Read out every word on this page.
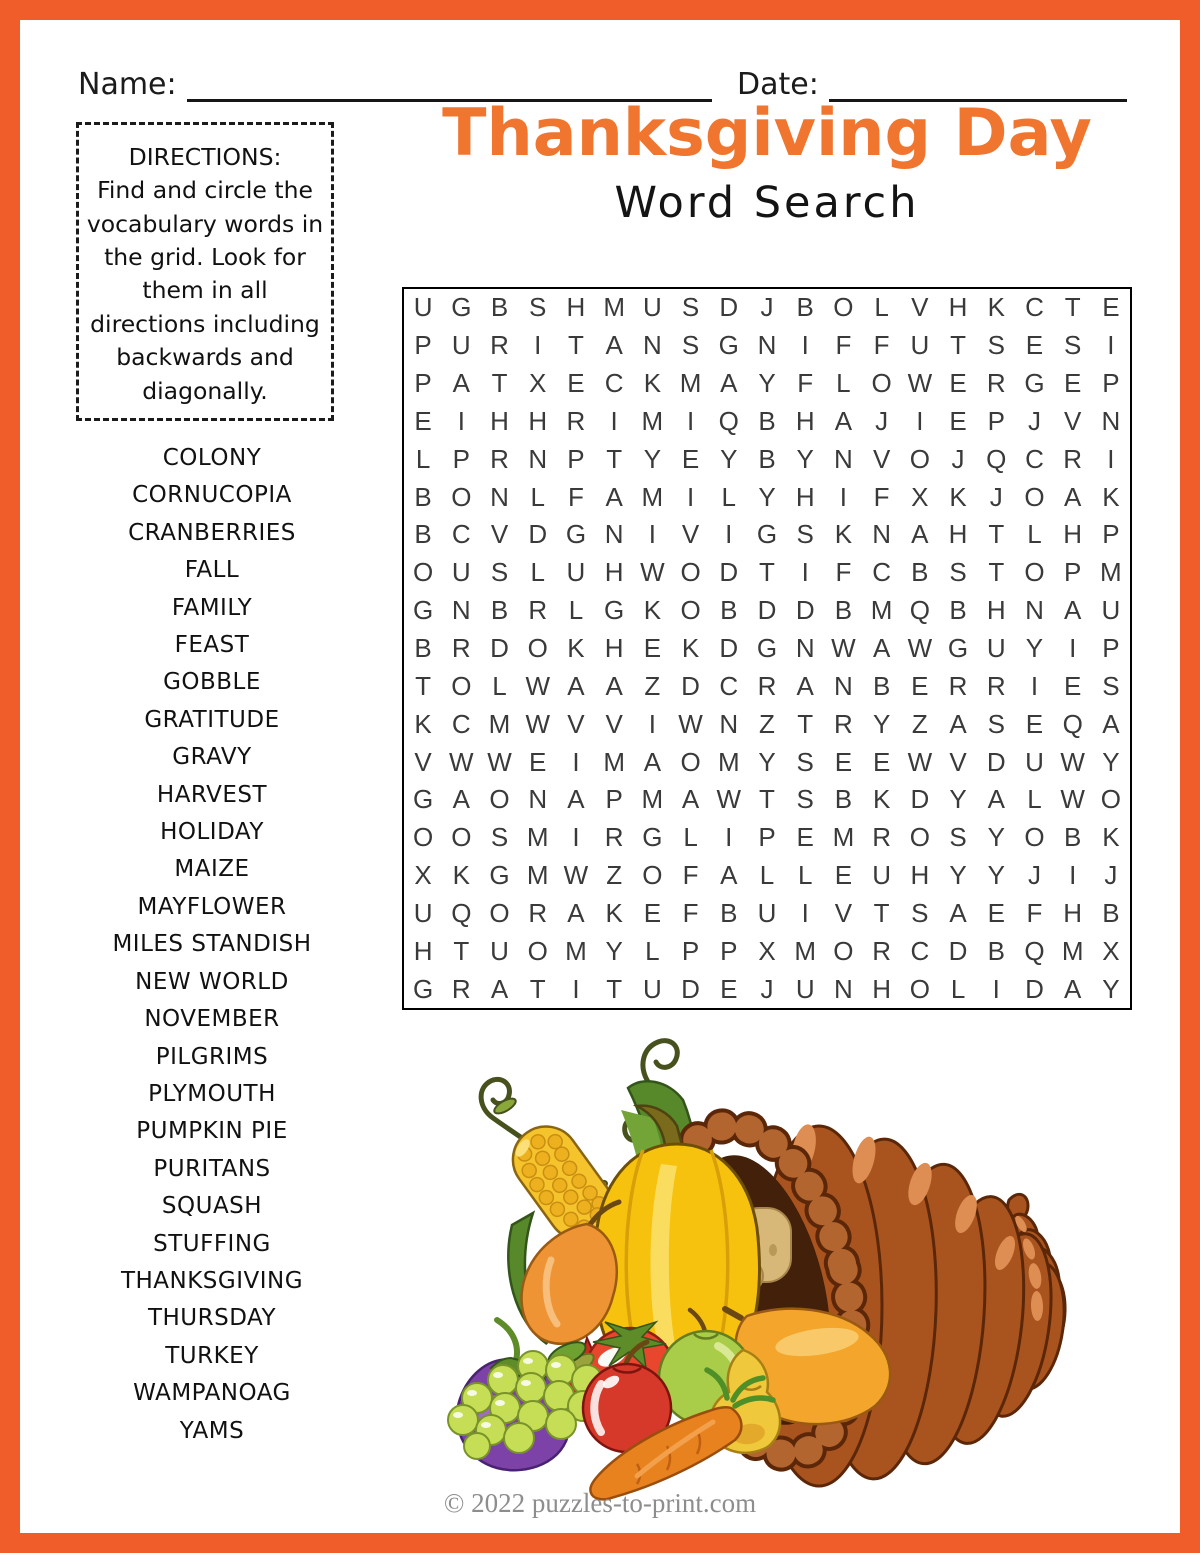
Name:	Date:
Thanksgiving Day
Word Search
DIRECTIONS:
Find and circle the vocabulary words in the grid. Look for them in all directions including backwards and diagonally.
COLONY
CORNUCOPIA
CRANBERRIES
FALL
FAMILY
FEAST
GOBBLE
GRATITUDE
GRAVY
HARVEST
HOLIDAY
MAIZE
MAYFLOWER
MILES STANDISH
NEW WORLD
NOVEMBER
PILGRIMS
PLYMOUTH
PUMPKIN PIE
PURITANS
SQUASH
STUFFING
THANKSGIVING
THURSDAY
TURKEY
WAMPANOAG
YAMS
U G B S H M U S D J B O L V H K C T E
P U R I	T A N S G N I	F F U T S E S I
P A T X E C K M A Y F L O W E R G E P
E I H H R I M I Q B H A J	I E P J V N
L P R N P T Y E Y B Y N V O J Q C R I
B O N L F A M I	L Y H I	F X K J O A K
B C V D G N I V I G S K N A H T L H P
O U S L U H W O D T	I	F C B S T O P M
G N B R L G K O B D D B M Q B H N A U
B R D O K H E K D G N W A W G U Y I P
T O L W A A Z D C R A N B E R R I E S
K C M W V V I W N Z T R Y Z A S E Q A
V W W E I M A O M Y S E E W V D U W Y
G A O N A P M A W T S B K D Y A L W O
O O S M I R G L	I P E M R O S Y O B K
X K G M W Z O F A L L E U H Y Y J	I	J
U Q O R A K E F B U I V T S A E F H B
H T U O M Y L P P X M O R C D B Q M X
G R A T	I	T U D E J U N H O L	I D A Y
© 2022 puzzles-to-print.com
